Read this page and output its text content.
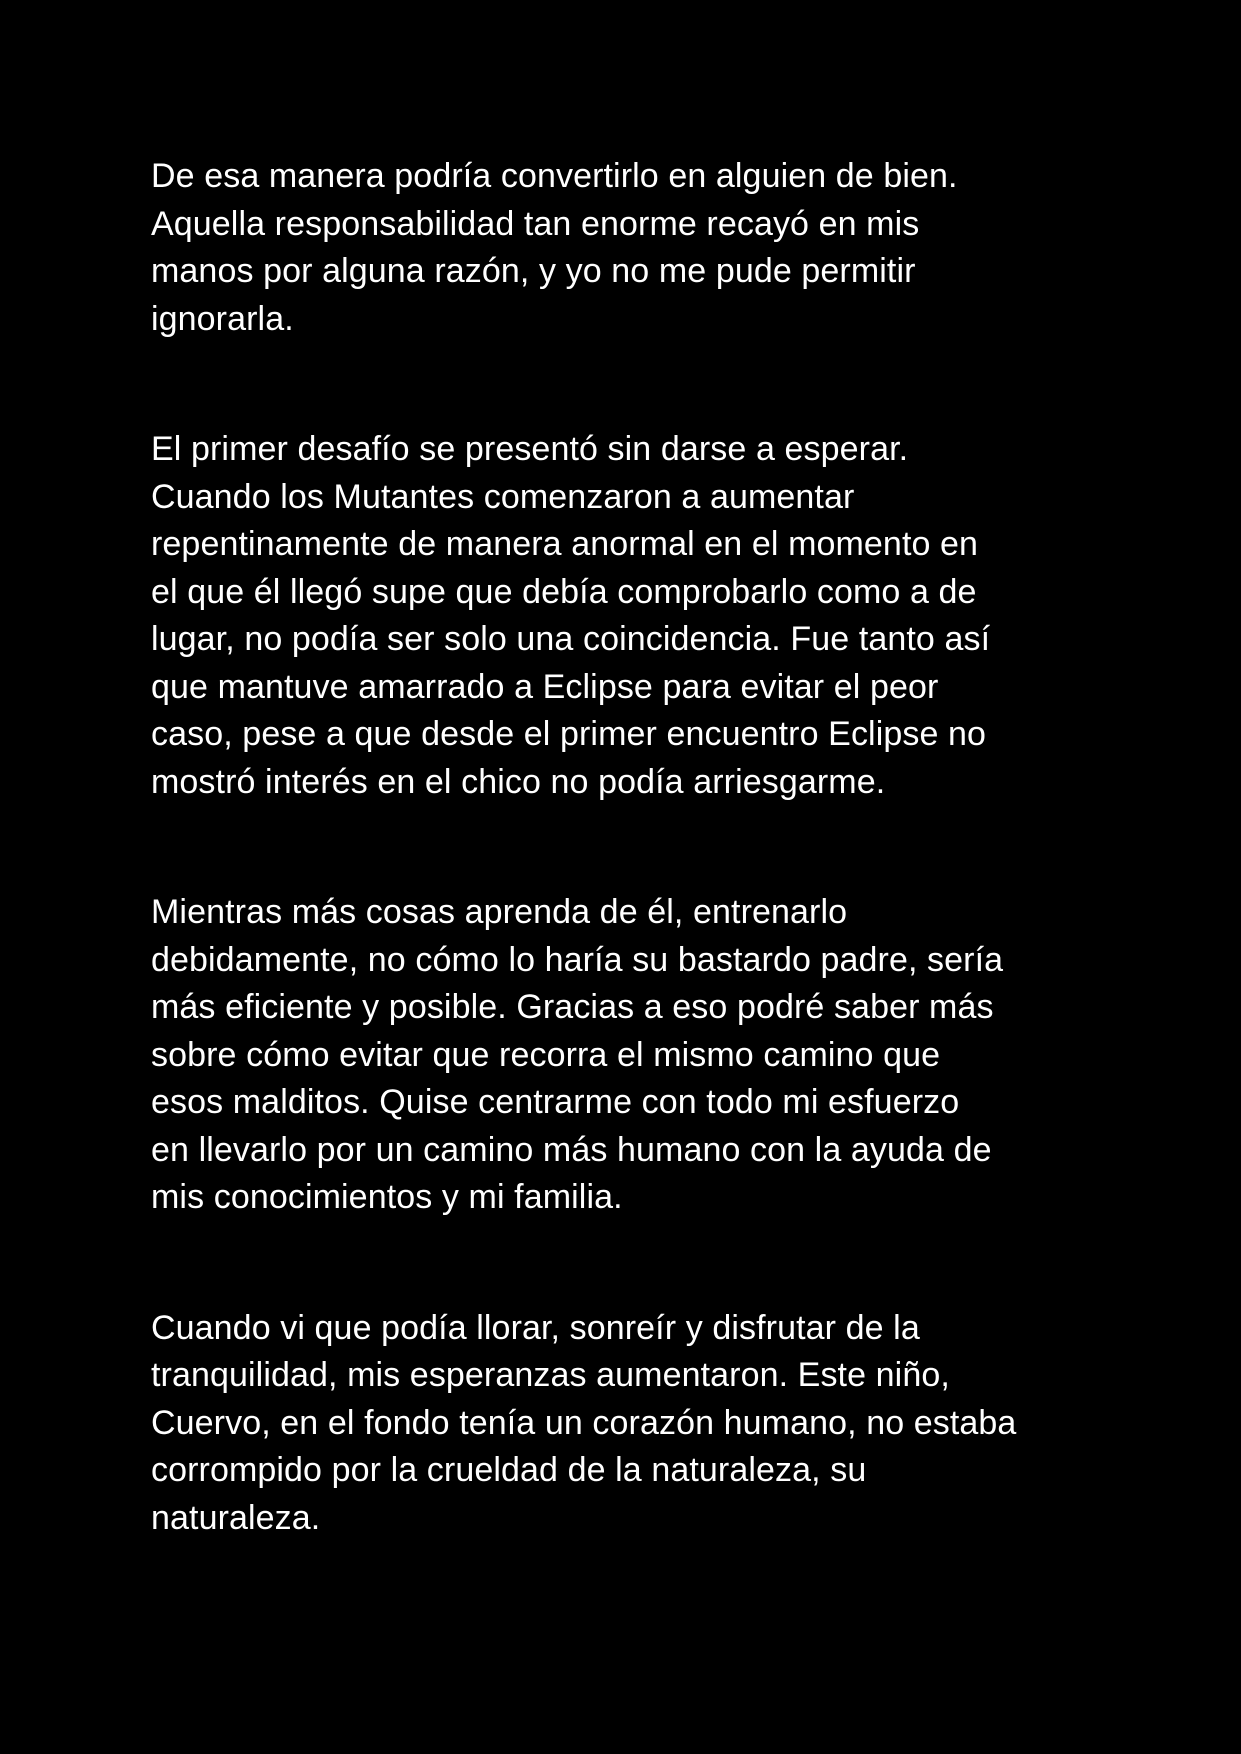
De esa manera podría convertirlo en alguien de bien.
Aquella responsabilidad tan enorme recayó en mis
manos por alguna razón, y yo no me pude permitir
ignorarla.

El primer desafío se presentó sin darse a esperar.
Cuando los Mutantes comenzaron a aumentar
repentinamente de manera anormal en el momento en
el que él llegó supe que debía comprobarlo como a de
lugar, no podía ser solo una coincidencia. Fue tanto así
que mantuve amarrado a Eclipse para evitar el peor
caso, pese a que desde el primer encuentro Eclipse no
mostró interés en el chico no podía arriesgarme.

Mientras más cosas aprenda de él, entrenarlo
debidamente, no cómo lo haría su bastardo padre, sería
más eficiente y posible. Gracias a eso podré saber más
sobre cómo evitar que recorra el mismo camino que
esos malditos. Quise centrarme con todo mi esfuerzo
en llevarlo por un camino más humano con la ayuda de
mis conocimientos y mi familia.

Cuando vi que podía llorar, sonreír y disfrutar de la
tranquilidad, mis esperanzas aumentaron. Este niño,
Cuervo, en el fondo tenía un corazón humano, no estaba
corrompido por la crueldad de la naturaleza, su
naturaleza.
